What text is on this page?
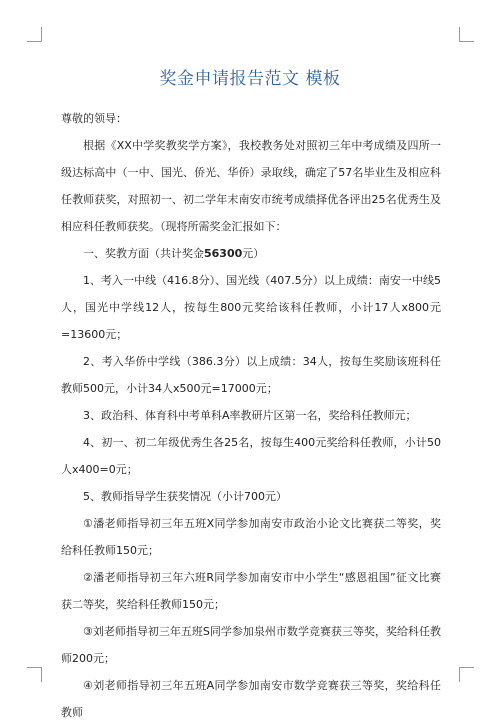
奖金申请报告范文 模板

尊敬的领导：

根据《XX中学奖教奖学方案》，我校教务处对照初三年中考成绩及四所一级达标高中（一中、国光、侨光、华侨）录取线，确定了57名毕业生及相应科任教师获奖，对照初一、初二学年末南安市统考成绩择优各评出25名优秀生及相应科任教师获奖。（现将所需奖金汇报如下：

一、奖教方面（共计奖金56300元）

1、考入一中线（416.8分）、国光线（407.5分）以上成绩：南安一中线5人，国光中学线12人，按每生800元奖给该科任教师，小计17人x800元=13600元；

2、考入华侨中学线（386.3分）以上成绩：34人，按每生奖励该班科任教师500元，小计34人x500元=17000元；

3、政治科、体育科中考单科A率教研片区第一名，奖给科任教师元；

4、初一、初二年级优秀生各25名，按每生400元奖给科任教师，小计50人x400=0元；

5、教师指导学生获奖情况（小计700元）

①潘老师指导初三年五班X同学参加南安市政治小论文比赛获二等奖，奖给科任教师150元；

②潘老师指导初三年六班R同学参加南安市中小学生“感恩祖国”征文比赛获二等奖，奖给科任教师150元；

③刘老师指导初三年五班S同学参加泉州市数学竞赛获三等奖，奖给科任教师200元；

④刘老师指导初三年五班A同学参加南安市数学竞赛获三等奖，奖给科任教师
